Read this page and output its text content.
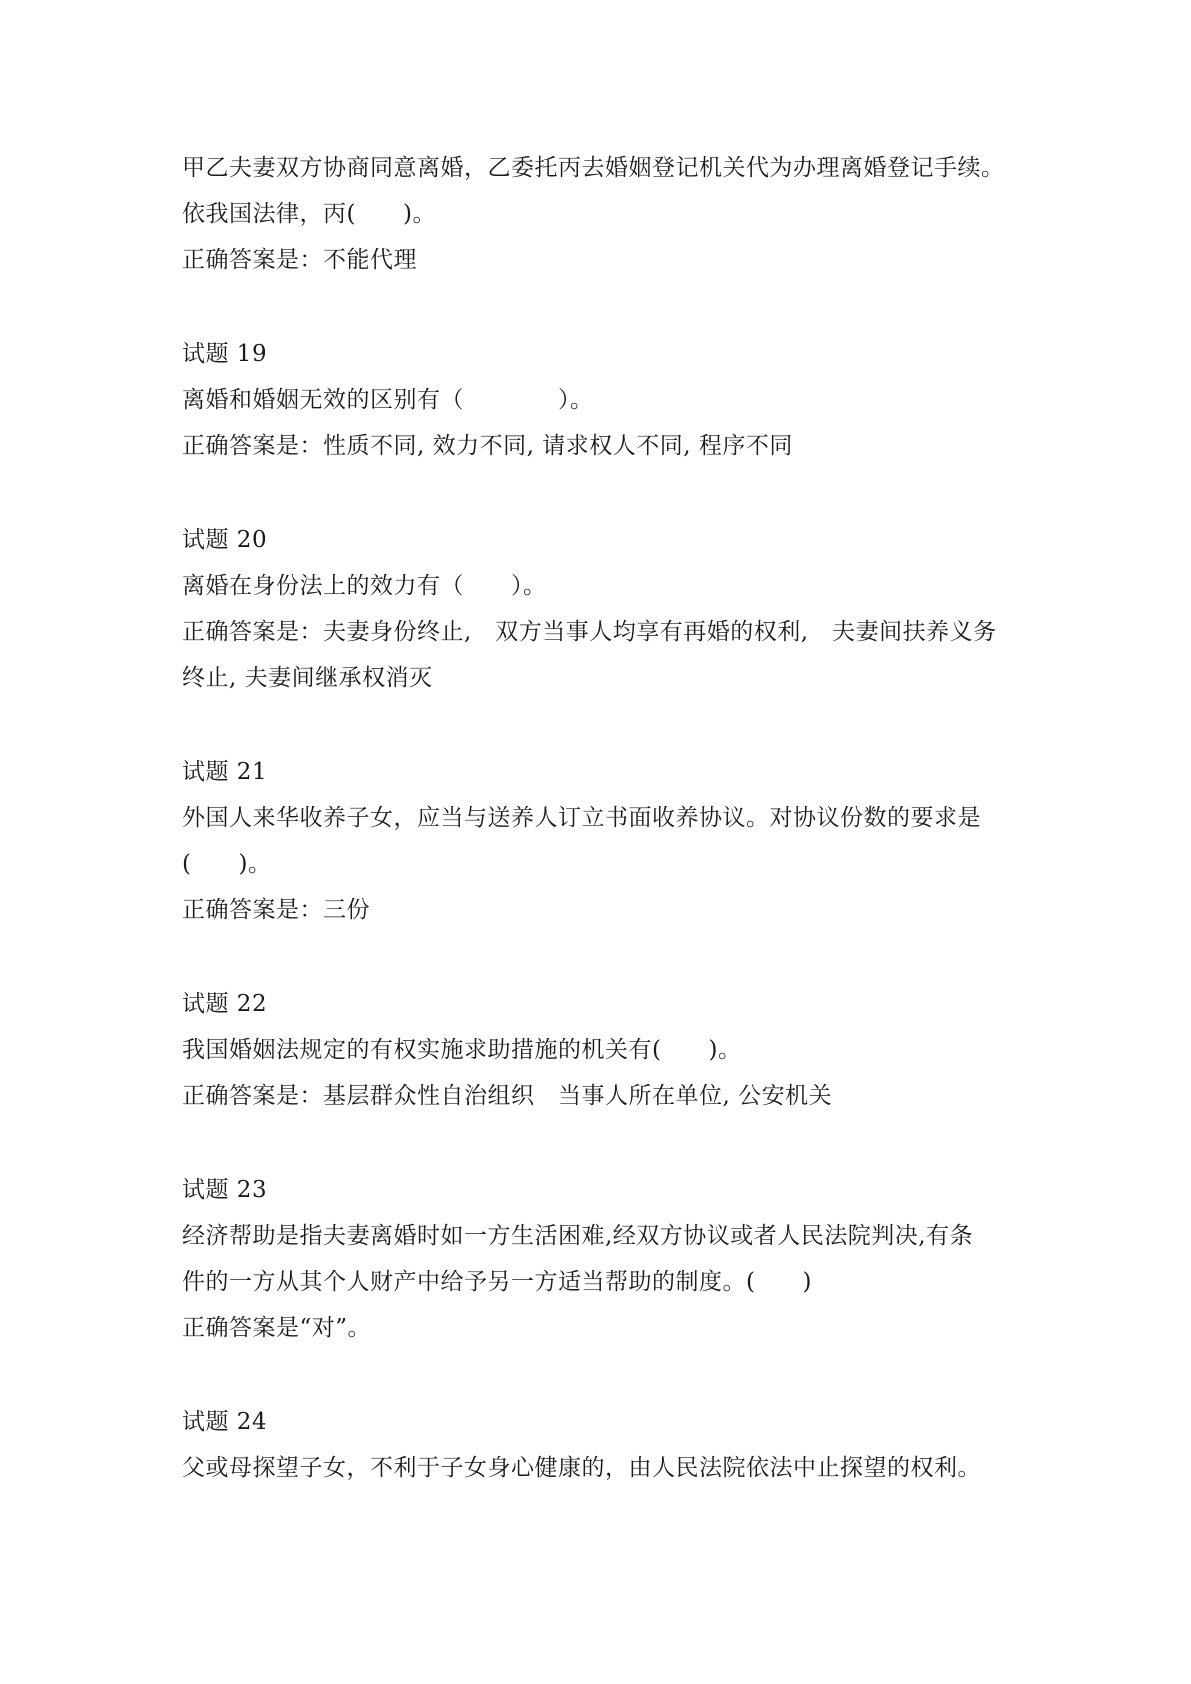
甲乙夫妻双方协商同意离婚，乙委托丙去婚姻登记机关代为办理离婚登记手续。
依我国法律，丙(　　)。
正确答案是：不能代理
试题 19
离婚和婚姻无效的区别有（　　　　）。
正确答案是：性质不同, 效力不同, 请求权人不同, 程序不同
试题 20
离婚在身份法上的效力有（　　）。
正确答案是：夫妻身份终止,　双方当事人均享有再婚的权利,　夫妻间扶养义务
终止, 夫妻间继承权消灭
试题 21
外国人来华收养子女，应当与送养人订立书面收养协议。对协议份数的要求是
(　　)。
正确答案是：三份
试题 22
我国婚姻法规定的有权实施求助措施的机关有(　　)。
正确答案是：基层群众性自治组织　当事人所在单位, 公安机关
试题 23
经济帮助是指夫妻离婚时如一方生活困难,经双方协议或者人民法院判决,有条
件的一方从其个人财产中给予另一方适当帮助的制度。(　　)
正确答案是“对”。
试题 24
父或母探望子女，不利于子女身心健康的，由人民法院依法中止探望的权利。
